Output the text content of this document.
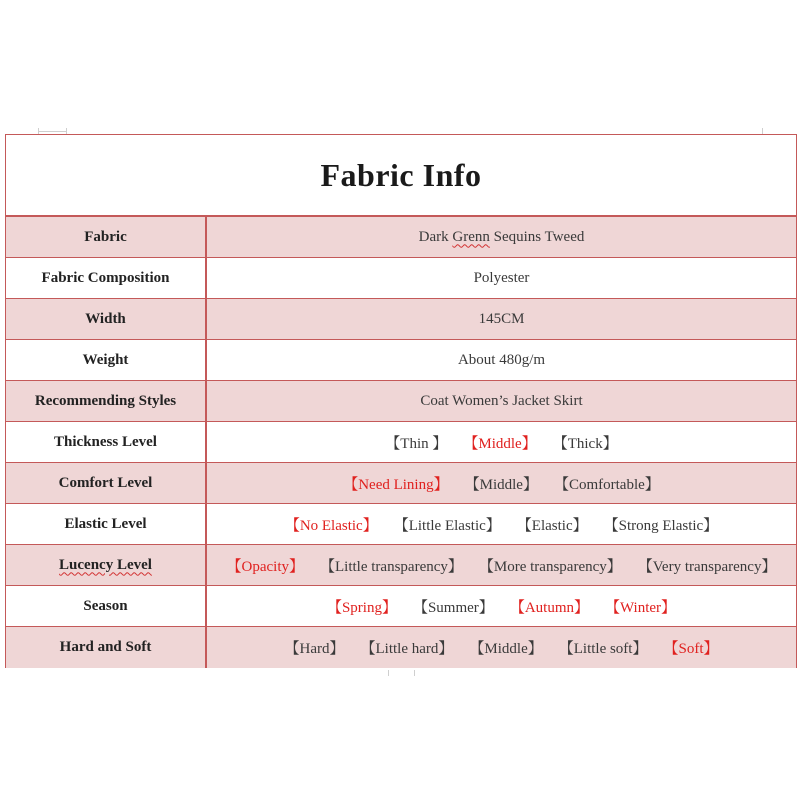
Fabric Info
Fabric	Dark Grenn Sequins Tweed
Fabric Composition	Polyester
Width	145CM
Weight	About 480g/m
Recommending Styles	Coat Women’s Jacket Skirt
Thickness Level	【Thin 】 【Middle】 【Thick】
Comfort Level	【Need Lining】 【Middle】 【Comfortable】
Elastic Level	【No Elastic】 【Little Elastic】 【Elastic】 【Strong Elastic】
Lucency Level	【Opacity】 【Little transparency】 【More transparency】 【Very transparency】
Season	【Spring】 【Summer】 【Autumn】 【Winter】
Hard and Soft	【Hard】 【Little hard】 【Middle】 【Little soft】 【Soft】
